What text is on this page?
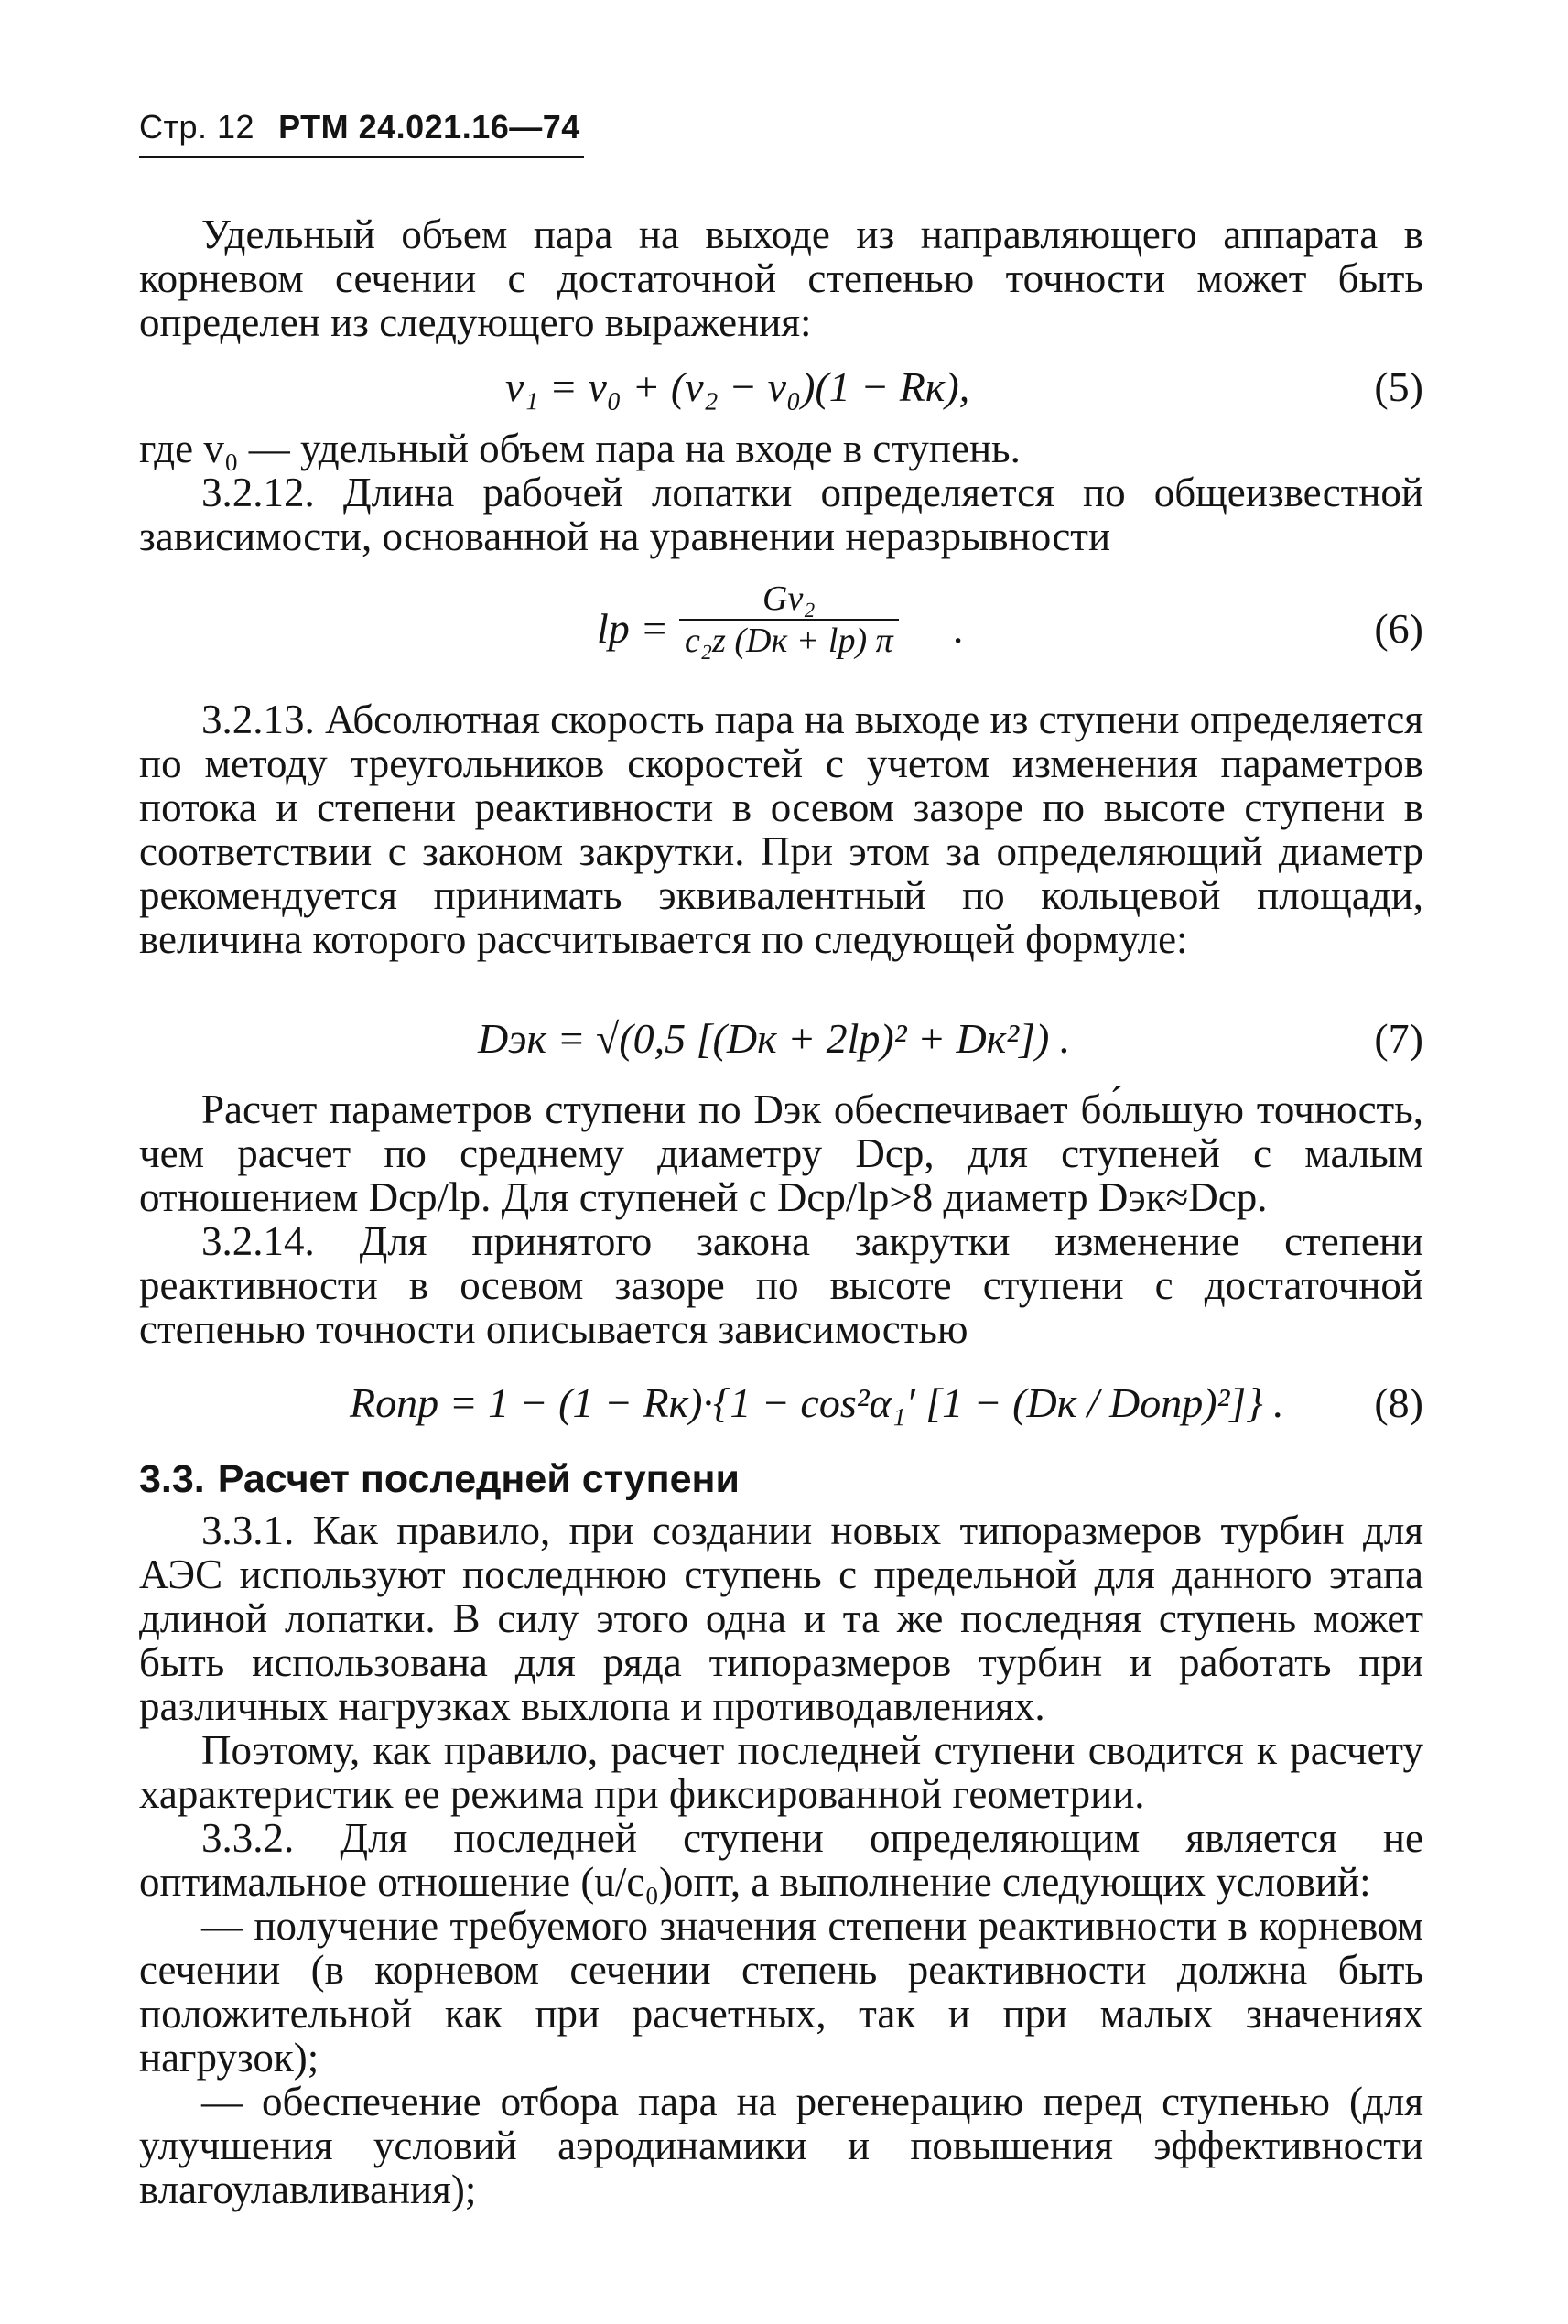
Стр. 12 РТМ 24.021.16—74

Удельный объем пара на выходе из направляющего аппарата в корневом сечении с достаточной степенью точности может быть определен из следующего выражения:

v₁ = v₀ + (v₂ − v₀)(1 − Rк),	(5)

где v₀ — удельный объем пара на входе в ступень.

3.2.12. Длина рабочей лопатки определяется по общеизвестной зависимости, основанной на уравнении неразрывности

lр =
Gv₂
c₂z (Dк + lр) π .	(6)

3.2.13. Абсолютная скорость пара на выходе из ступени определяется по методу треугольников скоростей с учетом изменения параметров потока и степени реактивности в осевом зазоре по высоте ступени в соответствии с законом закрутки. При этом за определяющий диаметр рекомендуется принимать эквивалентный по кольцевой площади, величина которого рассчитывается по следующей формуле:

Dэк = √(0,5 [(Dк + 2lр)² + Dк²]) .	(7)

Расчет параметров ступени по Dэк обеспечивает бо́льшую точность, чем расчет по среднему диаметру Dср, для ступеней с малым отношением Dср/lр. Для ступеней с Dср/lр>8 диаметр Dэк≈Dср.

3.2.14. Для принятого закона закрутки изменение степени реактивности в осевом зазоре по высоте ступени с достаточной степенью точности описывается зависимостью

Rопр = 1 − (1 − Rк)·{1 − cos²α₁′ [1 − (Dк / Dопр)²]} . (8)
3.3. Расчет последней ступени

3.3.1. Как правило, при создании новых типоразмеров турбин для АЭС используют последнюю ступень с предельной для данного этапа длиной лопатки. В силу этого одна и та же последняя ступень может быть использована для ряда типоразмеров турбин и работать при различных нагрузках выхлопа и противодавлениях.

Поэтому, как правило, расчет последней ступени сводится к расчету характеристик ее режима при фиксированной геометрии.

3.3.2. Для последней ступени определяющим является не оптимальное отношение (u/c₀)опт, а выполнение следующих условий:

— получение требуемого значения степени реактивности в корневом сечении (в корневом сечении степень реактивности должна быть положительной как при расчетных, так и при малых значениях нагрузок);

— обеспечение отбора пара на регенерацию перед ступенью (для улучшения условий аэродинамики и повышения эффективности влагоулавливания);
